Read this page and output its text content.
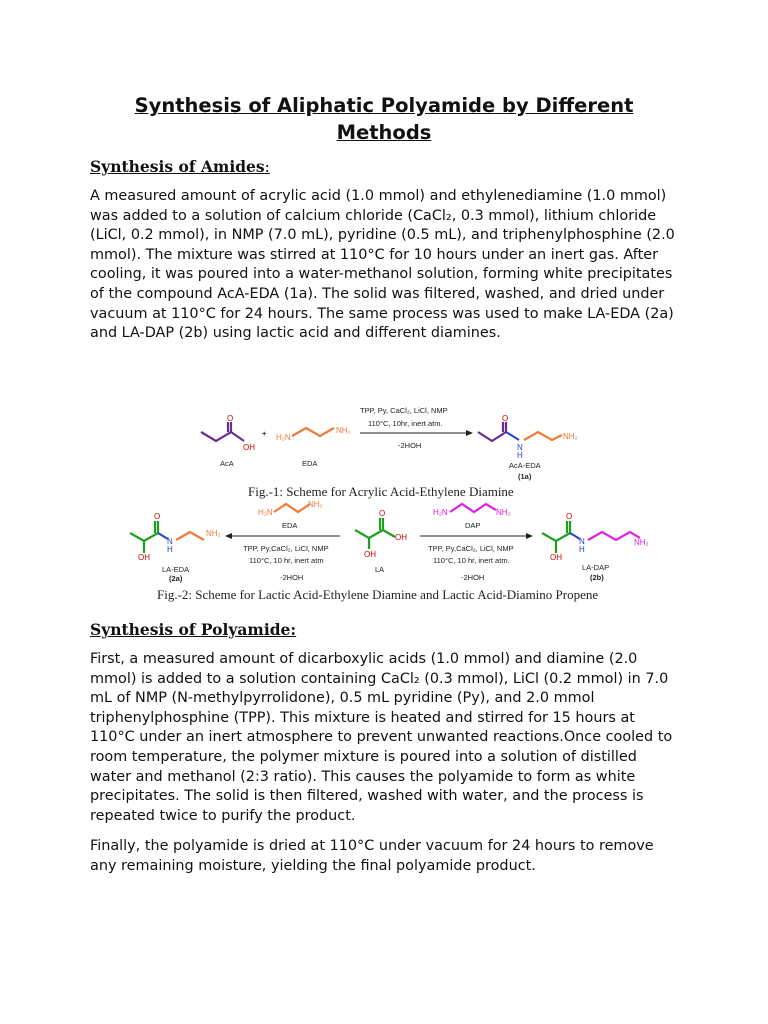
Synthesis of Aliphatic Polyamide by Different Methods
Synthesis of Amides:
A measured amount of acrylic acid (1.0 mmol) and ethylenediamine (1.0 mmol) was added to a solution of calcium chloride (CaCl₂, 0.3 mmol), lithium chloride (LiCl, 0.2 mmol), in NMP (7.0 mL), pyridine (0.5 mL), and triphenylphosphine (2.0 mmol). The mixture was stirred at 110°C for 10 hours under an inert gas. After cooling, it was poured into a water-methanol solution, forming white precipitates of the compound AcA-EDA (1a). The solid was filtered, washed, and dried under vacuum at 110°C for 24 hours. The same process was used to make LA-EDA (2a) and LA-DAP (2b) using lactic acid and different diamines.
O
OH
AcA
+ H₂N
NH₂
EDA
TPP, Py, CaCl₂, LiCl, NMP
110°C, 10hr, inert atm.
-2HOH
O
N
H
NH₂
AcA-EDA
(1a)
O
OH
N
H
NH₂
LA-EDA
(2a)
H₂N
NH₂
EDA
TPP, Py,CaCl₂, LiCl, NMP
110°C, 10 hr, inert atm
-2HOH
O
OH
OH
LA
H₂N	NH₂
DAP
TPP, Py,CaCl₂, LiCl, NMP
110°C, 10 hr, inert atm.
-2HOH
O
OH
N
H
NH₂
LA-DAP
(2b)
Fig.-1: Scheme for Acrylic Acid-Ethylene Diamine
Fig.-2: Scheme for Lactic Acid-Ethylene Diamine and Lactic Acid-Diamino Propene
Synthesis of Polyamide:
First, a measured amount of dicarboxylic acids (1.0 mmol) and diamine (2.0 mmol) is added to a solution containing CaCl₂ (0.3 mmol), LiCl (0.2 mmol) in 7.0 mL of NMP (N-methylpyrrolidone), 0.5 mL pyridine (Py), and 2.0 mmol triphenylphosphine (TPP). This mixture is heated and stirred for 15 hours at 110°C under an inert atmosphere to prevent unwanted reactions.Once cooled to room temperature, the polymer mixture is poured into a solution of distilled water and methanol (2:3 ratio). This causes the polyamide to form as white precipitates. The solid is then filtered, washed with water, and the process is repeated twice to purify the product.
Finally, the polyamide is dried at 110°C under vacuum for 24 hours to remove any remaining moisture, yielding the final polyamide product.
